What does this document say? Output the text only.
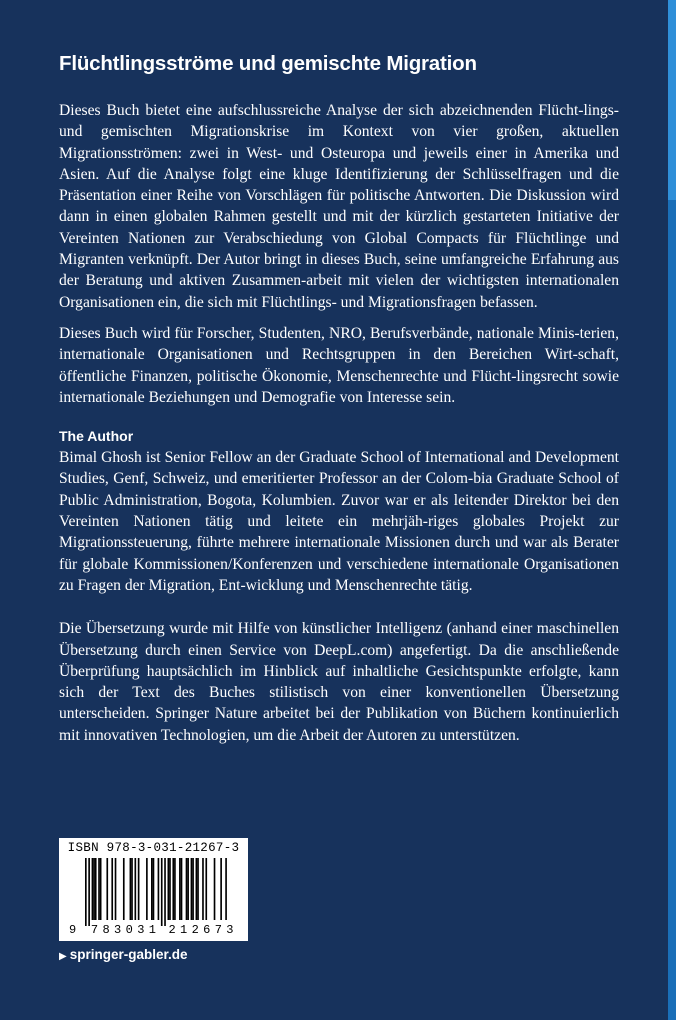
Flüchtlingsströme und gemischte Migration

Dieses Buch bietet eine aufschlussreiche Analyse der sich abzeichnenden Flücht-lings- und gemischten Migrationskrise im Kontext von vier großen, aktuellen Migrationsströmen: zwei in West- und Osteuropa und jeweils einer in Amerika und Asien. Auf die Analyse folgt eine kluge Identifizierung der Schlüsselfragen und die Präsentation einer Reihe von Vorschlägen für politische Antworten. Die Diskussion wird dann in einen globalen Rahmen gestellt und mit der kürzlich gestarteten Initiative der Vereinten Nationen zur Verabschiedung von Global Compacts für Flüchtlinge und Migranten verknüpft. Der Autor bringt in dieses Buch, seine umfangreiche Erfahrung aus der Beratung und aktiven Zusammen-arbeit mit vielen der wichtigsten internationalen Organisationen ein, die sich mit Flüchtlings- und Migrationsfragen befassen.

Dieses Buch wird für Forscher, Studenten, NRO, Berufsverbände, nationale Minis-terien, internationale Organisationen und Rechtsgruppen in den Bereichen Wirt-schaft, öffentliche Finanzen, politische Ökonomie, Menschenrechte und Flücht-lingsrecht sowie internationale Beziehungen und Demografie von Interesse sein.

The Author

Bimal Ghosh ist Senior Fellow an der Graduate School of International and Development Studies, Genf, Schweiz, und emeritierter Professor an der Colom-bia Graduate School of Public Administration, Bogota, Kolumbien. Zuvor war er als leitender Direktor bei den Vereinten Nationen tätig und leitete ein mehrjäh-riges globales Projekt zur Migrationssteuerung, führte mehrere internationale Missionen durch und war als Berater für globale Kommissionen/Konferenzen und verschiedene internationale Organisationen zu Fragen der Migration, Ent-wicklung und Menschenrechte tätig.

Die Übersetzung wurde mit Hilfe von künstlicher Intelligenz (anhand einer maschinellen Übersetzung durch einen Service von DeepL.com) angefertigt. Da die anschließende Überprüfung hauptsächlich im Hinblick auf inhaltliche Gesichtspunkte erfolgte, kann sich der Text des Buches stilistisch von einer konventionellen Übersetzung unterscheiden. Springer Nature arbeitet bei der Publikation von Büchern kontinuierlich mit innovativen Technologien, um die Arbeit der Autoren zu unterstützen.

ISBN 978-3-031-21267-3
9 7 8 3 0 3 1 2 1 2 6 7 3
▶ springer-gabler.de
